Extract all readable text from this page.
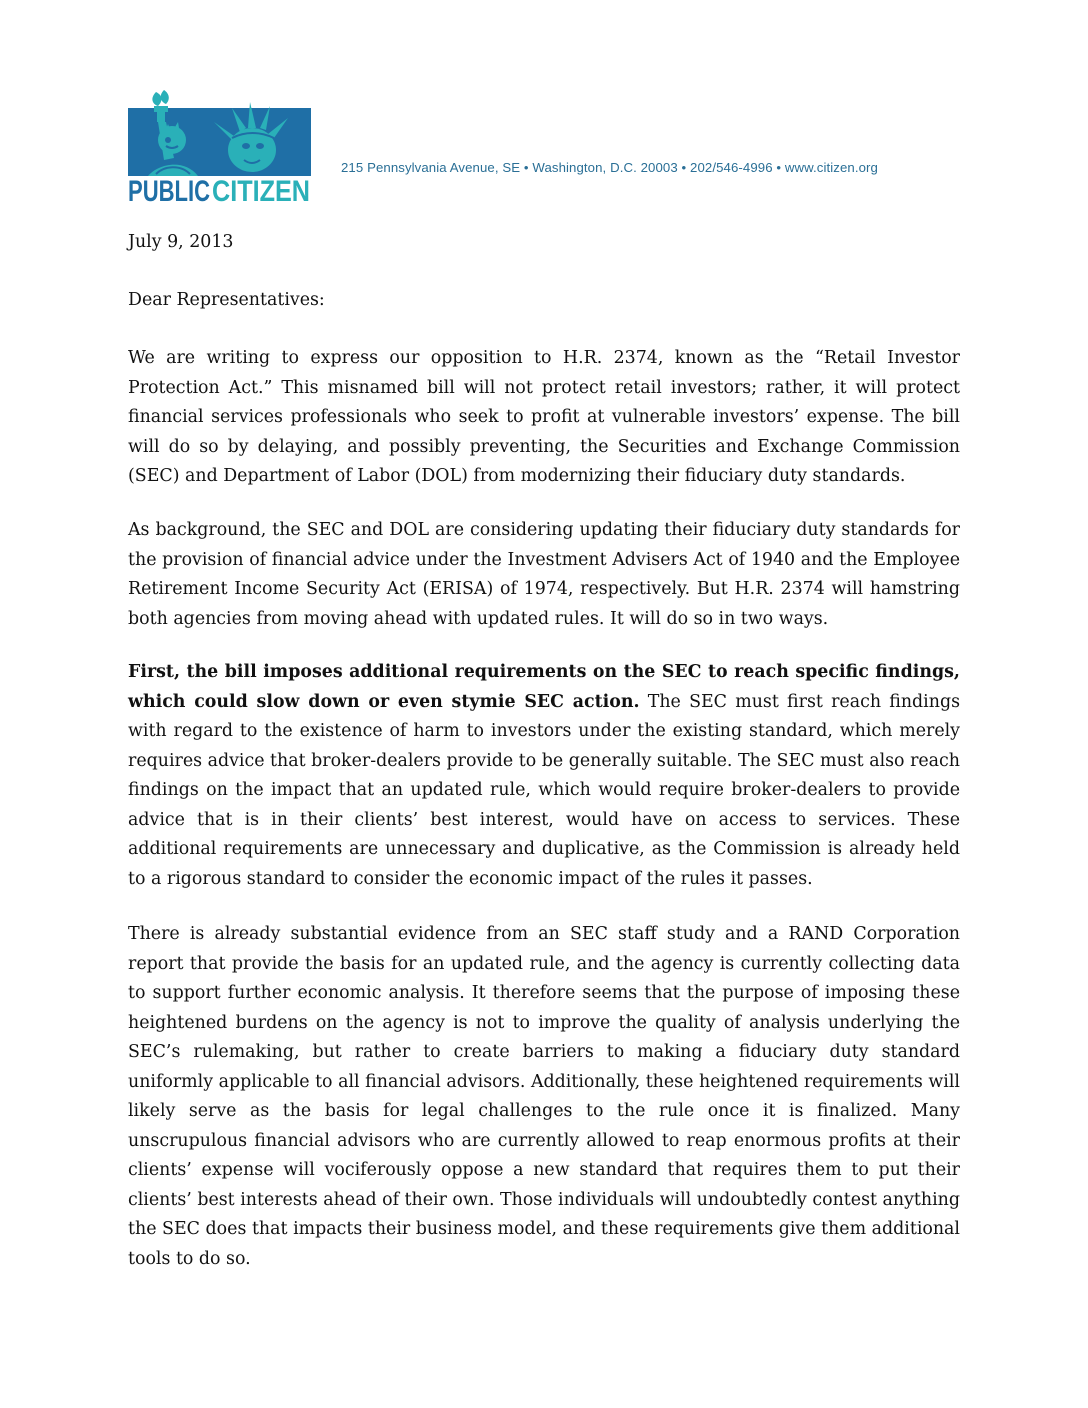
PUBLIC CITIZEN
215 Pennsylvania Avenue, SE • Washington, D.C. 20003 • 202/546-4996 • www.citizen.org
July 9, 2013
Dear Representatives:
We are writing to express our opposition to H.R. 2374, known as the “Retail Investor Protection Act.” This misnamed bill will not protect retail investors; rather, it will protect financial services professionals who seek to profit at vulnerable investors’ expense. The bill will do so by delaying, and possibly preventing, the Securities and Exchange Commission (SEC) and Department of Labor (DOL) from modernizing their fiduciary duty standards.
As background, the SEC and DOL are considering updating their fiduciary duty standards for the provision of financial advice under the Investment Advisers Act of 1940 and the Employee Retirement Income Security Act (ERISA) of 1974, respectively. But H.R. 2374 will hamstring both agencies from moving ahead with updated rules. It will do so in two ways.
First, the bill imposes additional requirements on the SEC to reach specific findings, which could slow down or even stymie SEC action. The SEC must first reach findings with regard to the existence of harm to investors under the existing standard, which merely requires advice that broker-dealers provide to be generally suitable. The SEC must also reach findings on the impact that an updated rule, which would require broker-dealers to provide advice that is in their clients’ best interest, would have on access to services. These additional requirements are unnecessary and duplicative, as the Commission is already held to a rigorous standard to consider the economic impact of the rules it passes.
There is already substantial evidence from an SEC staff study and a RAND Corporation report that provide the basis for an updated rule, and the agency is currently collecting data to support further economic analysis. It therefore seems that the purpose of imposing these heightened burdens on the agency is not to improve the quality of analysis underlying the SEC’s rulemaking, but rather to create barriers to making a fiduciary duty standard uniformly applicable to all financial advisors. Additionally, these heightened requirements will likely serve as the basis for legal challenges to the rule once it is finalized. Many unscrupulous financial advisors who are currently allowed to reap enormous profits at their clients’ expense will vociferously oppose a new standard that requires them to put their clients’ best interests ahead of their own. Those individuals will undoubtedly contest anything the SEC does that impacts their business model, and these requirements give them additional tools to do so.
